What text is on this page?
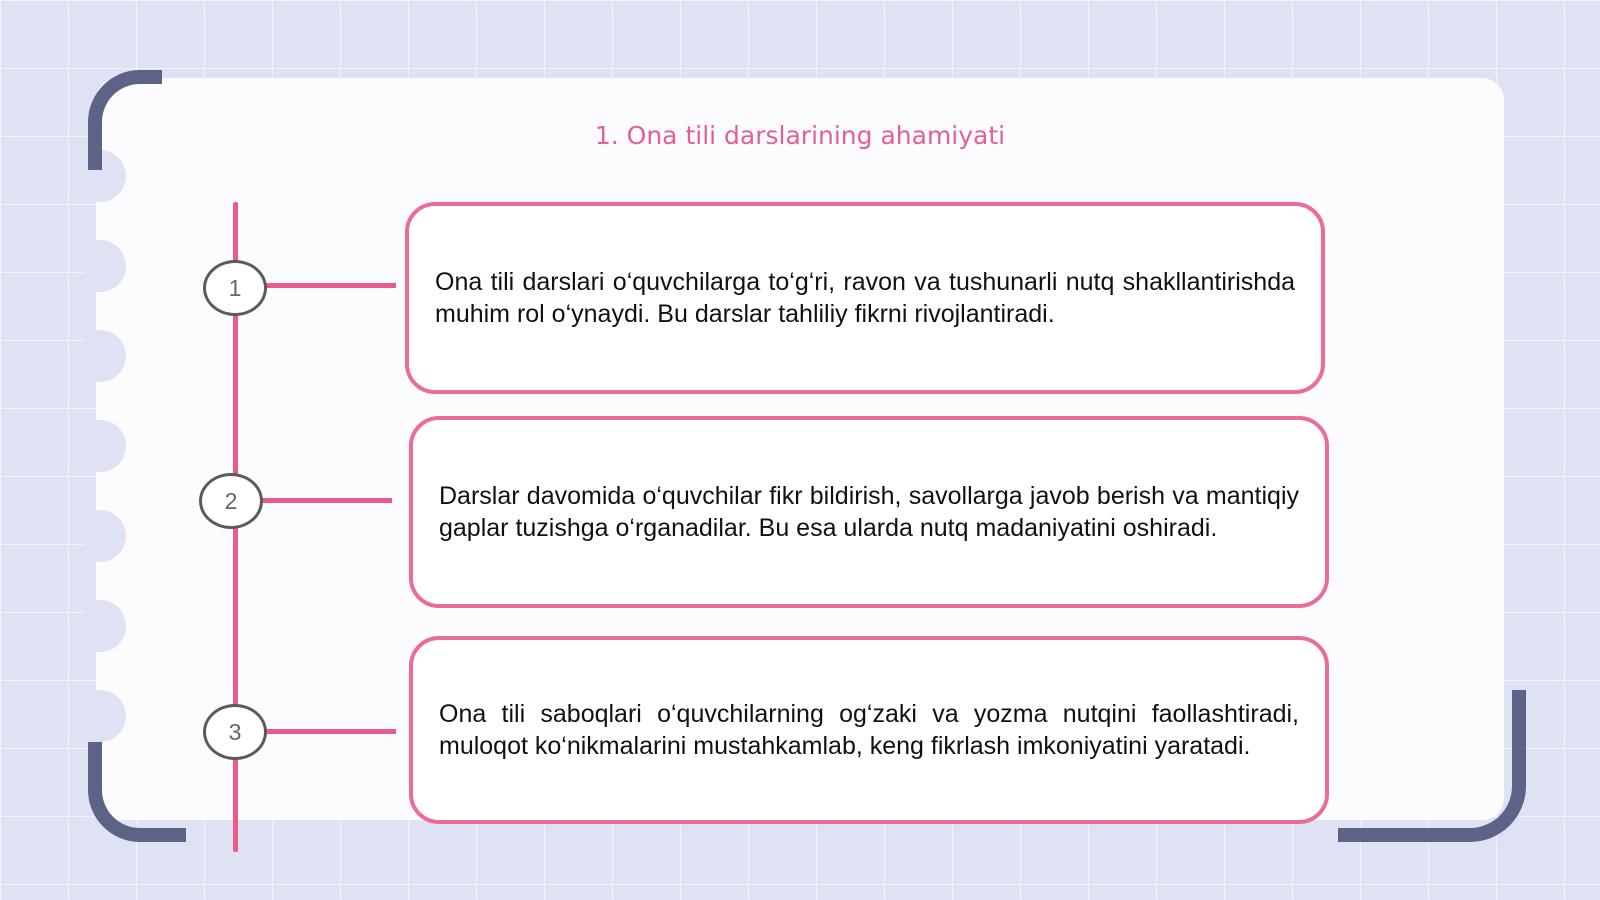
1. Ona tili darslarining ahamiyati
1
2
3
Ona tili darslari o‘quvchilarga to‘g‘ri, ravon va tushunarli nutq shakllantirishda muhim rol o‘ynaydi. Bu darslar tahliliy fikrni rivojlantiradi.
Darslar davomida o‘quvchilar fikr bildirish, savollarga javob berish va mantiqiy gaplar tuzishga o‘rganadilar. Bu esa ularda nutq madaniyatini oshiradi.
Ona tili saboqlari o‘quvchilarning og‘zaki va yozma nutqini faollashtiradi, muloqot ko‘nikmalarini mustahkamlab, keng fikrlash imkoniyatini yaratadi.
